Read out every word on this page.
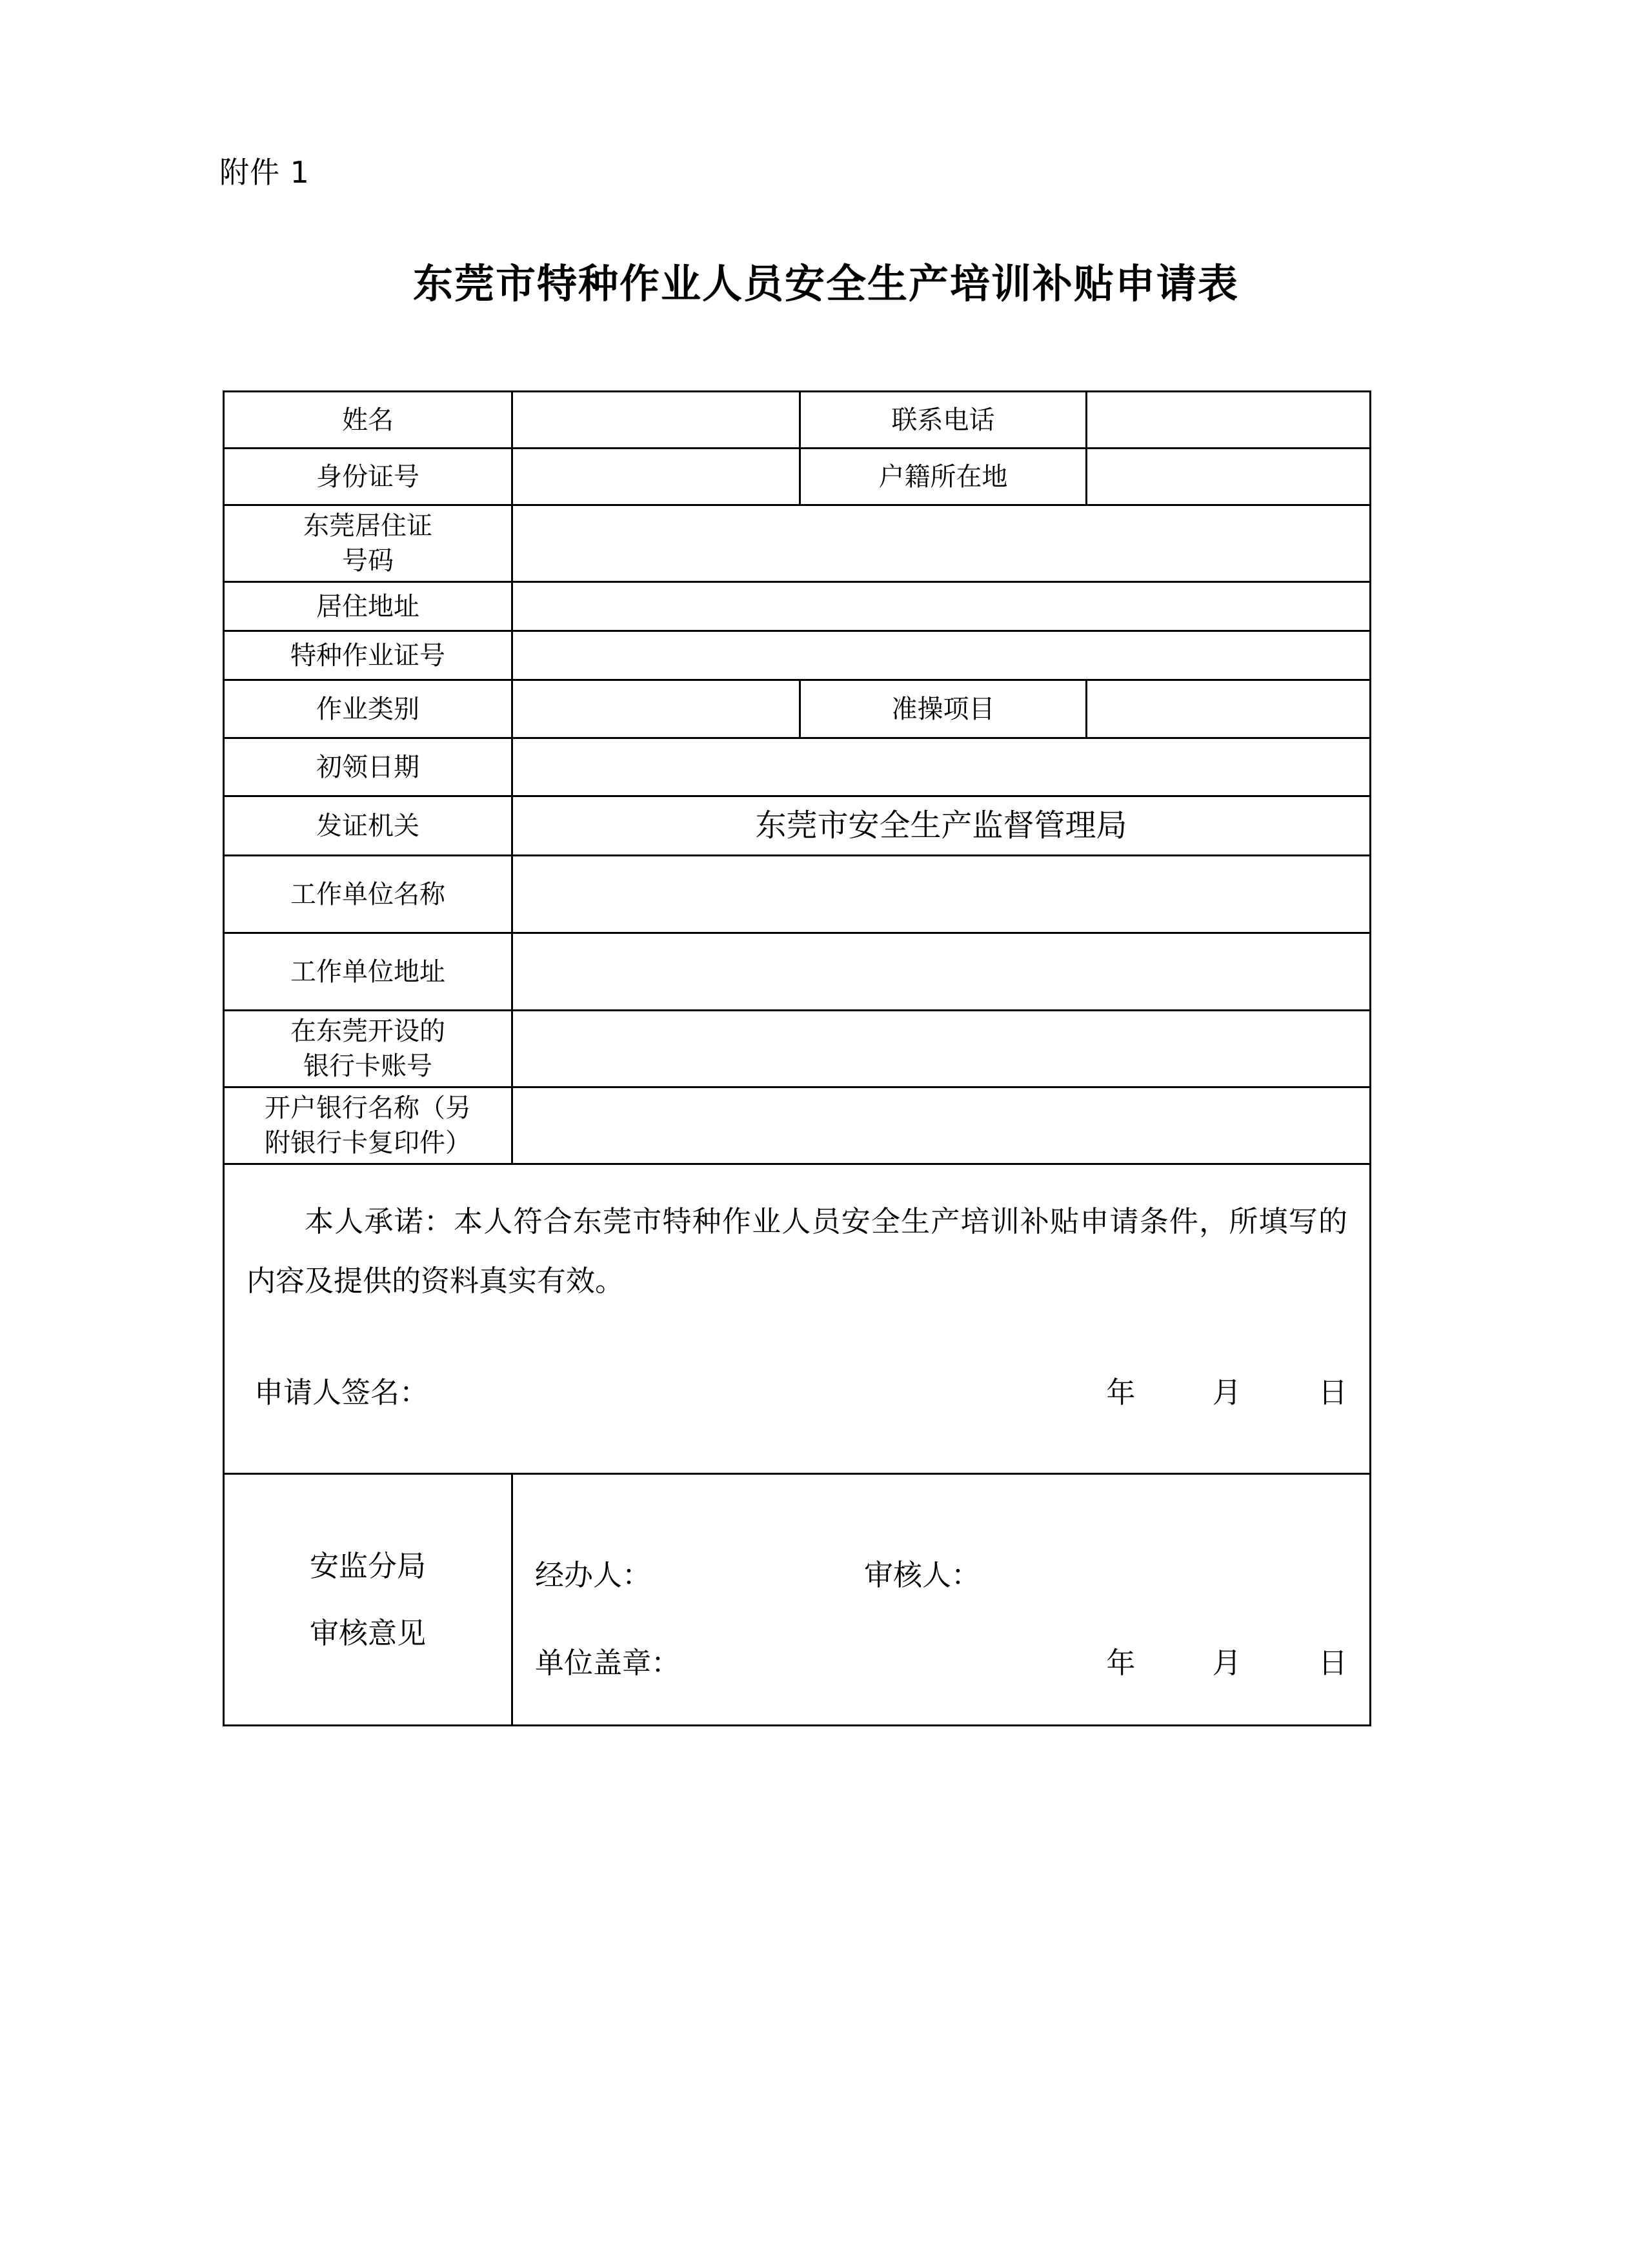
附件 1
东莞市特种作业人员安全生产培训补贴申请表
姓名		联系电话	
身份证号		户籍所在地	

东莞居住证
号码			

居住地址			
特种作业证号			
作业类别		准操项目	
初领日期			
发证机关	东莞市安全生产监督管理局		
工作单位名称			
工作单位地址			

在东莞开设的
银行卡账号			

开户银行名称（另
附银行卡复印件）			

本人承诺：本人符合东莞市特种作业人员安全生产培训补贴申请条件，所填写的内容及提供的资料真实有效。
申请人签名： 年 月 日			

安监分局
审核意见

经办人：	审核人：
单位盖章：	年	月	日
